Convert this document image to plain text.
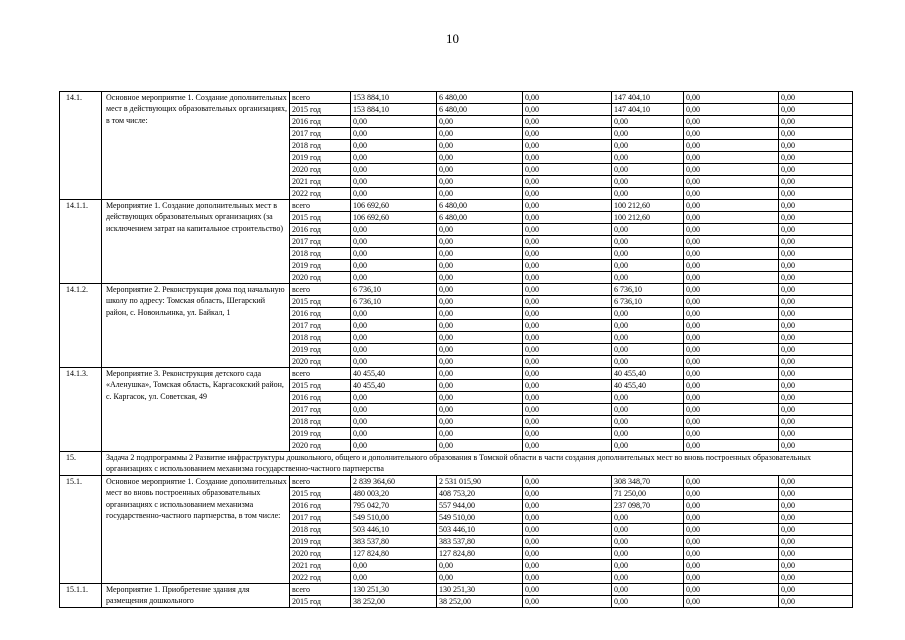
10
14.1.	Основное мероприятие 1. Создание дополнительных мест в действующих образовательных организациях, в том числе:	всего	153 884,10	6 480,00	0,00	147 404,10	0,00	0,00
		2015 год	153 884,10	6 480,00	0,00	147 404,10	0,00	0,00
		2016 год	0,00	0,00	0,00	0,00	0,00	0,00
		2017 год	0,00	0,00	0,00	0,00	0,00	0,00
		2018 год	0,00	0,00	0,00	0,00	0,00	0,00
		2019 год	0,00	0,00	0,00	0,00	0,00	0,00
		2020 год	0,00	0,00	0,00	0,00	0,00	0,00
		2021 год	0,00	0,00	0,00	0,00	0,00	0,00
		2022 год	0,00	0,00	0,00	0,00	0,00	0,00
14.1.1.	Мероприятие 1. Создание дополнительных мест в действующих образовательных организациях (за исключением затрат на капитальное строительство)	всего	106 692,60	6 480,00	0,00	100 212,60	0,00	0,00
		2015 год	106 692,60	6 480,00	0,00	100 212,60	0,00	0,00
		2016 год	0,00	0,00	0,00	0,00	0,00	0,00
		2017 год	0,00	0,00	0,00	0,00	0,00	0,00
		2018 год	0,00	0,00	0,00	0,00	0,00	0,00
		2019 год	0,00	0,00	0,00	0,00	0,00	0,00
		2020 год	0,00	0,00	0,00	0,00	0,00	0,00
14.1.2.	Мероприятие 2. Реконструкция дома под начальную школу по адресу: Томская область, Шегарский район, с. Новоильинка, ул. Байкал, 1	всего	6 736,10	0,00	0,00	6 736,10	0,00	0,00
		2015 год	6 736,10	0,00	0,00	6 736,10	0,00	0,00
		2016 год	0,00	0,00	0,00	0,00	0,00	0,00
		2017 год	0,00	0,00	0,00	0,00	0,00	0,00
		2018 год	0,00	0,00	0,00	0,00	0,00	0,00
		2019 год	0,00	0,00	0,00	0,00	0,00	0,00
		2020 год	0,00	0,00	0,00	0,00	0,00	0,00
14.1.3.	Мероприятие 3. Реконструкция детского сада «Аленушка», Томская область, Каргасокский район, с. Каргасок, ул. Советская, 49	всего	40 455,40	0,00	0,00	40 455,40	0,00	0,00
		2015 год	40 455,40	0,00	0,00	40 455,40	0,00	0,00
		2016 год	0,00	0,00	0,00	0,00	0,00	0,00
		2017 год	0,00	0,00	0,00	0,00	0,00	0,00
		2018 год	0,00	0,00	0,00	0,00	0,00	0,00
		2019 год	0,00	0,00	0,00	0,00	0,00	0,00
		2020 год	0,00	0,00	0,00	0,00	0,00	0,00
15.	Задача 2 подпрограммы 2 Развитие инфраструктуры дошкольного, общего и дополнительного образования в Томской области в части создания дополнительных мест во вновь построенных образовательных организациях с использованием механизма государственно-частного партнерства							
15.1.	Основное мероприятие 1. Создание дополнительных мест во вновь построенных образовательных организациях с использованием механизма государственно-частного партнерства, в том числе:	всего	2 839 364,60	2 531 015,90	0,00	308 348,70	0,00	0,00
		2015 год	480 003,20	408 753,20	0,00	71 250,00	0,00	0,00
		2016 год	795 042,70	557 944,00	0,00	237 098,70	0,00	0,00
		2017 год	549 510,00	549 510,00	0,00	0,00	0,00	0,00
		2018 год	503 446,10	503 446,10	0,00	0,00	0,00	0,00
		2019 год	383 537,80	383 537,80	0,00	0,00	0,00	0,00
		2020 год	127 824,80	127 824,80	0,00	0,00	0,00	0,00
		2021 год	0,00	0,00	0,00	0,00	0,00	0,00
		2022 год	0,00	0,00	0,00	0,00	0,00	0,00
15.1.1.	Мероприятие 1. Приобретение здания для размещения дошкольного	всего	130 251,30	130 251,30	0,00	0,00	0,00	0,00
		2015 год	38 252,00	38 252,00	0,00	0,00	0,00	0,00
